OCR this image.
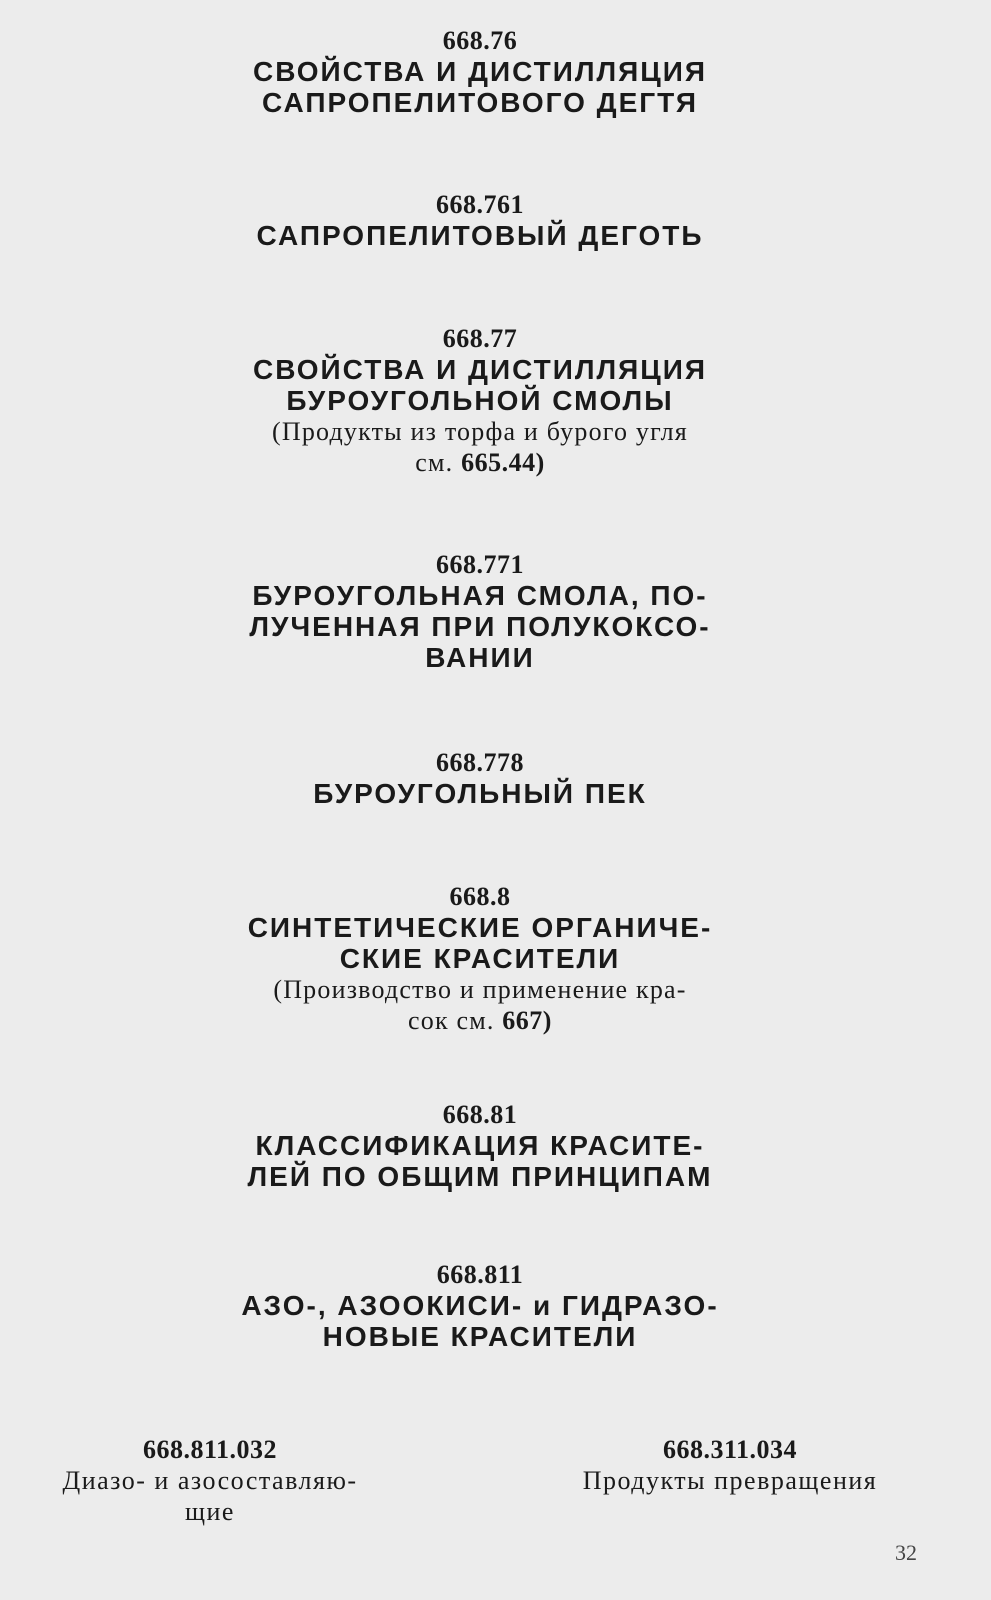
668.76
СВОЙСТВА И ДИСТИЛЛЯЦИЯ
САПРОПЕЛИТОВОГО ДЕГТЯ
668.761
САПРОПЕЛИТОВЫЙ ДЕГОТЬ
668.77
СВОЙСТВА И ДИСТИЛЛЯЦИЯ
БУРОУГОЛЬНОЙ СМОЛЫ
(Продукты из торфа и бурого угля
см. 665.44)
668.771
БУРОУГОЛЬНАЯ СМОЛА, ПО-
ЛУЧЕННАЯ ПРИ ПОЛУКОКСО-
ВАНИИ
668.778
БУРОУГОЛЬНЫЙ ПЕК
668.8
СИНТЕТИЧЕСКИЕ ОРГАНИЧЕ-
СКИЕ КРАСИТЕЛИ
(Производство и применение кра-
сок см. 667)
668.81
КЛАССИФИКАЦИЯ КРАСИТЕ-
ЛЕЙ ПО ОБЩИМ ПРИНЦИПАМ
668.811
АЗО-, АЗООКИСИ- и ГИДРАЗО-
НОВЫЕ КРАСИТЕЛИ
668.811.032
Диазо- и азосоставляю-
щие
668.311.034
Продукты превращения
32
